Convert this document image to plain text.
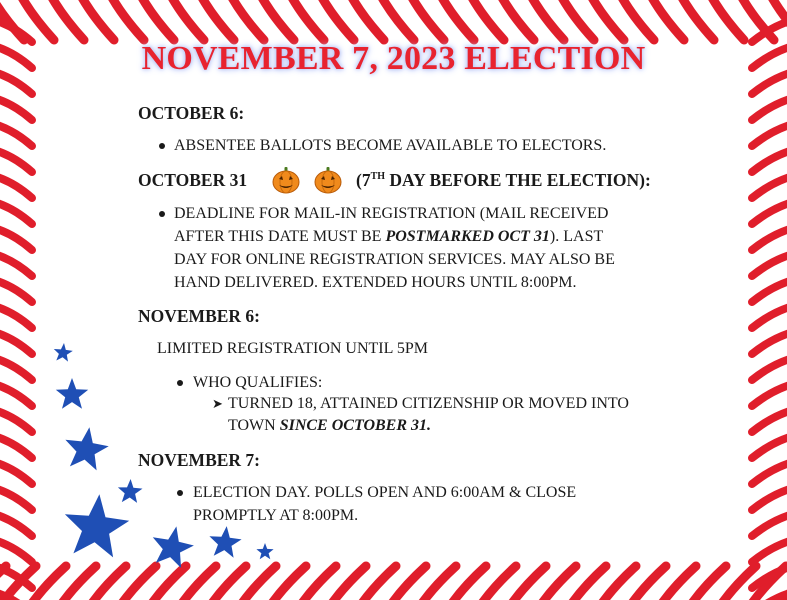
NOVEMBER 7, 2023 ELECTION
OCTOBER 6:
ABSENTEE BALLOTS BECOME AVAILABLE TO ELECTORS.
OCTOBER 31	(7TH DAY BEFORE THE ELECTION):
DEADLINE FOR MAIL-IN REGISTRATION (MAIL RECEIVED
AFTER THIS DATE MUST BE POSTMARKED OCT 31). LAST
DAY FOR ONLINE REGISTRATION SERVICES. MAY ALSO BE
HAND DELIVERED. EXTENDED HOURS UNTIL 8:00PM.
NOVEMBER 6:
LIMITED REGISTRATION UNTIL 5PM
WHO QUALIFIES:
➤ TURNED 18, ATTAINED CITIZENSHIP OR MOVED INTO
TOWN SINCE OCTOBER 31.
NOVEMBER 7:
ELECTION DAY. POLLS OPEN AND 6:00AM & CLOSE
PROMPTLY AT 8:00PM.
